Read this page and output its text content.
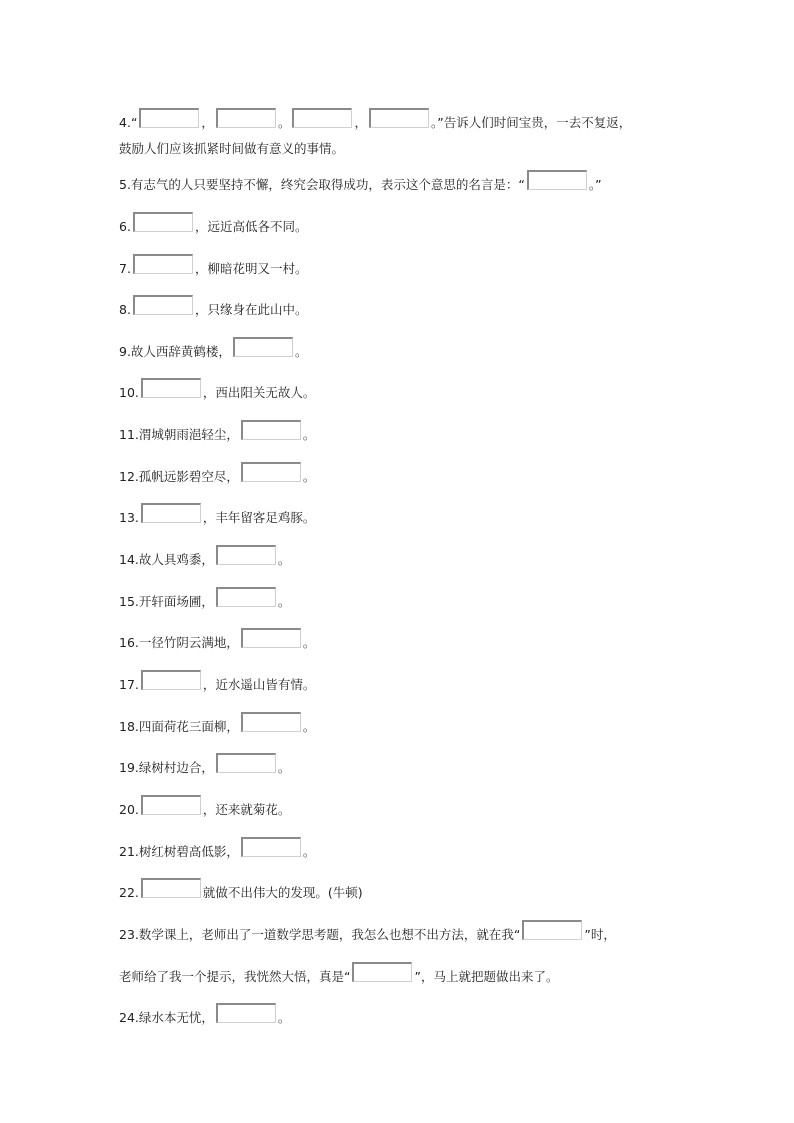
4. “	，	。	，	。”告诉人们时间宝贵，一去不复返，
鼓励人们应该抓紧时间做有意义的事情。
5.有志气的人只要坚持不懈，终究会取得成功，表示这个意思的名言是：“	。”
6.	，远近高低各不同。
7.	，柳暗花明又一村。
8.	，只缘身在此山中。
9.故人西辞黄鹤楼，	。
10.	，西出阳关无故人。
11.渭城朝雨浥轻尘，	。
12.孤帆远影碧空尽，	。
13.	，丰年留客足鸡豚。
14.故人具鸡黍，	。
15.开轩面场圃，	。
16.一径竹阴云满地，	。
17.	，近水遥山皆有情。
18.四面荷花三面柳，	。
19.绿树村边合，	。
20.	，还来就菊花。
21.树红树碧高低影，	。
22.	就做不出伟大的发现。(牛顿)
23.数学课上，老师出了一道数学思考题，我怎么也想不出方法，就在我“	”时，
老师给了我一个提示，我恍然大悟，真是“	”，马上就把题做出来了。
24.绿水本无忧，	。
